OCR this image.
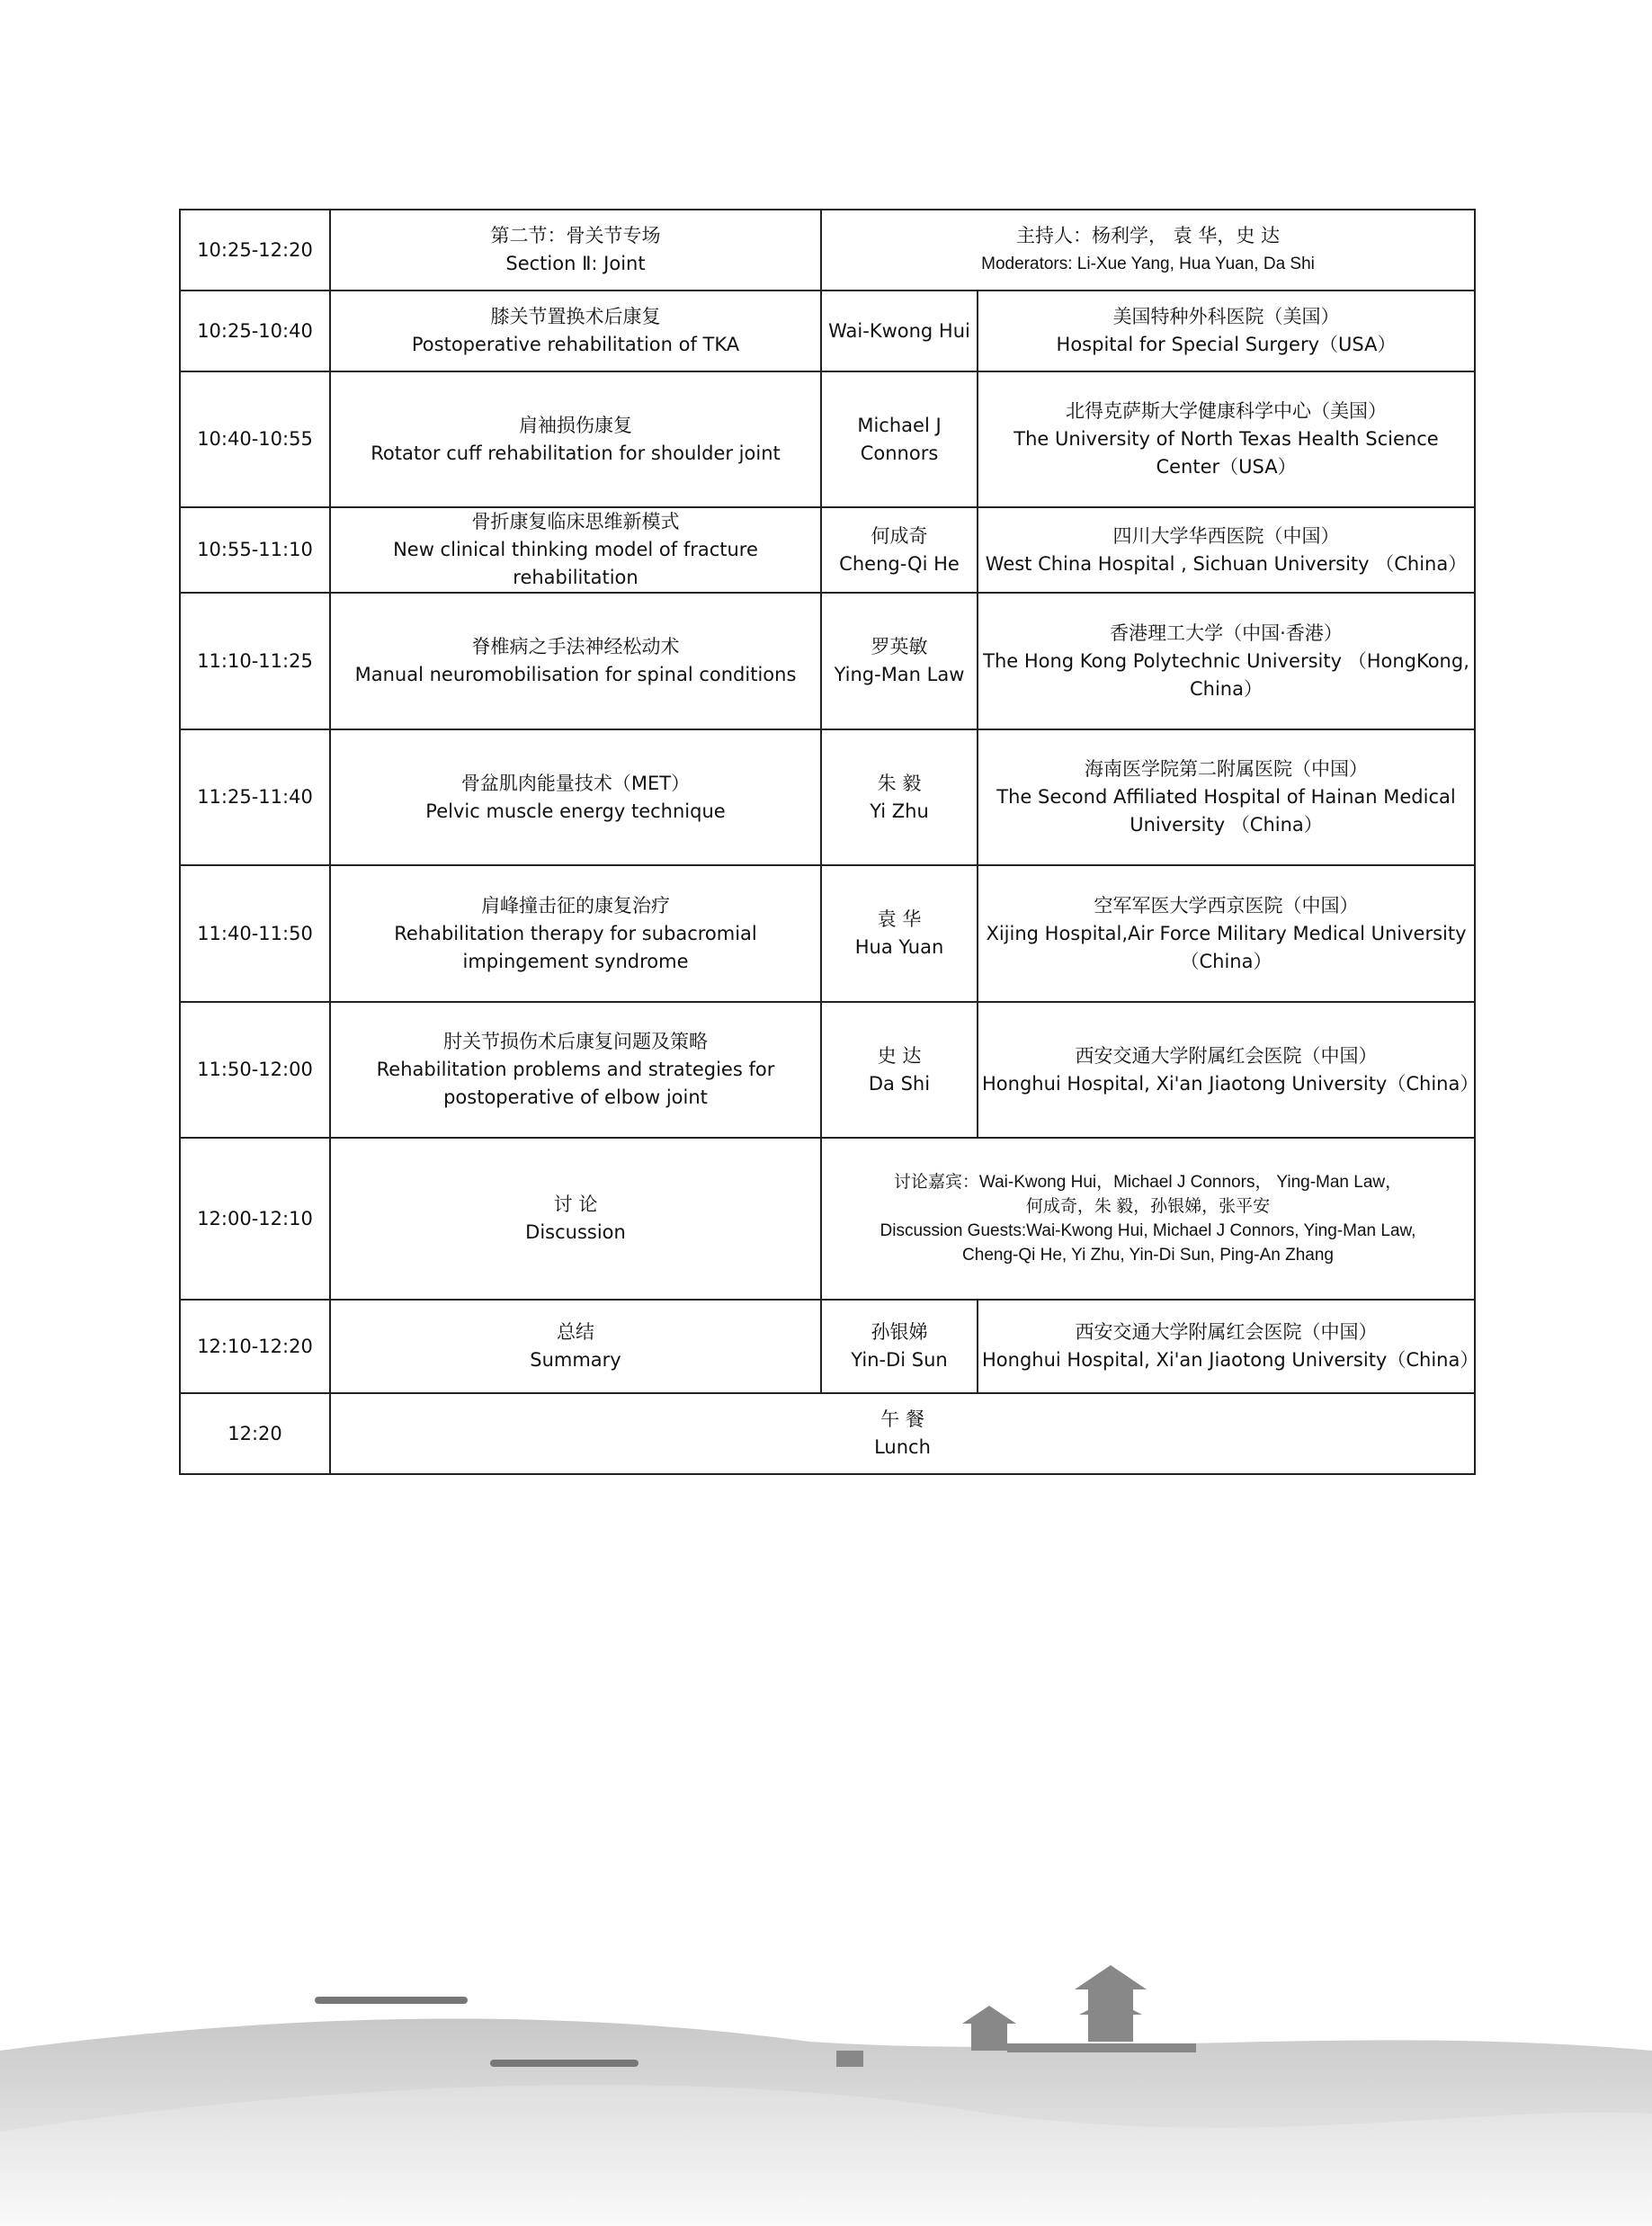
10:25-12:20	第二节：骨关节专场
Section Ⅱ: Joint	主持人：杨利学， 袁 华，史 达
Moderators: Li-Xue Yang, Hua Yuan, Da Shi	

10:25-10:40	膝关节置换术后康复
Postoperative rehabilitation of TKA	Wai-Kwong Hui	美国特种外科医院（美国）
Hospital for Special Surgery（USA）

10:40-10:55	肩袖损伤康复
Rotator cuff rehabilitation for shoulder joint	Michael J Connors	北得克萨斯大学健康科学中心（美国）
The University of North Texas Health Science Center（USA）

10:55-11:10	骨折康复临床思维新模式
New clinical thinking model of fracture rehabilitation	何成奇
Cheng-Qi He	四川大学华西医院（中国）
West China Hospital , Sichuan University （China）

11:10-11:25	脊椎病之手法神经松动术
Manual neuromobilisation for spinal conditions	罗英敏
Ying-Man Law	香港理工大学（中国·香港）
The Hong Kong Polytechnic University （HongKong, China）

11:25-11:40	骨盆肌肉能量技术（MET）
Pelvic muscle energy technique	朱 毅
Yi Zhu	海南医学院第二附属医院（中国）
The Second Affiliated Hospital of Hainan Medical University （China）

11:40-11:50	肩峰撞击征的康复治疗
Rehabilitation therapy for subacromial impingement syndrome	袁 华
Hua Yuan	空军军医大学西京医院（中国）
Xijing Hospital,Air Force Military Medical University（China）

11:50-12:00	肘关节损伤术后康复问题及策略
Rehabilitation problems and strategies for postoperative of elbow joint	史 达
Da Shi	西安交通大学附属红会医院（中国）
Honghui Hospital, Xi'an Jiaotong University（China）

12:00-12:10	讨 论
Discussion	讨论嘉宾：Wai-Kwong Hui，Michael J Connors， Ying-Man Law，
何成奇，朱 毅，孙银娣，张平安
Discussion Guests:Wai-Kwong Hui, Michael J Connors, Ying-Man Law,
Cheng-Qi He, Yi Zhu, Yin-Di Sun, Ping-An Zhang	

12:10-12:20	总结
Summary	孙银娣
Yin-Di Sun	西安交通大学附属红会医院（中国）
Honghui Hospital, Xi'an Jiaotong University（China）

12:20	午 餐
Lunch		
